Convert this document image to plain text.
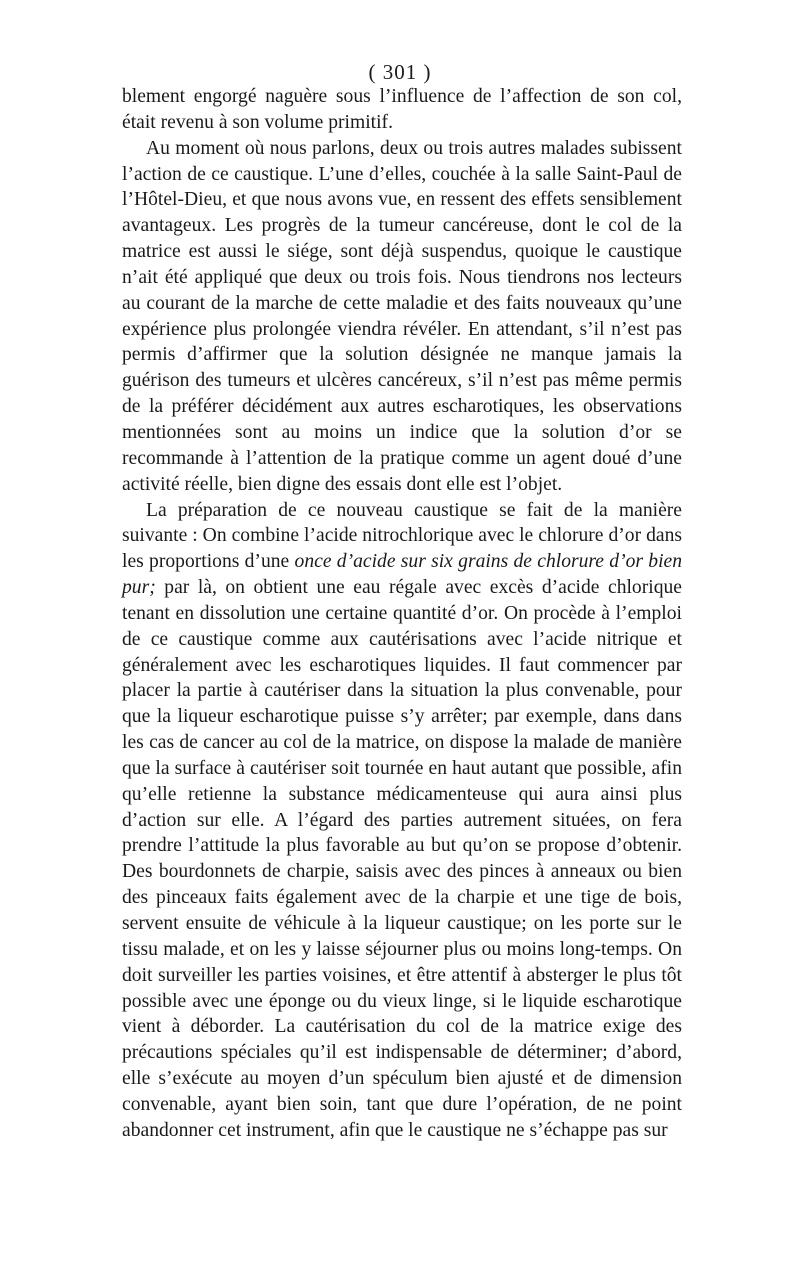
( 301 )

blement engorgé naguère sous l’influence de l’affection de son col, était revenu à son volume primitif.

Au moment où nous parlons, deux ou trois autres malades subissent l’action de ce caustique. L’une d’elles, couchée à la salle Saint-Paul de l’Hôtel-Dieu, et que nous avons vue, en ressent des effets sensiblement avantageux. Les progrès de la tumeur cancéreuse, dont le col de la matrice est aussi le siége, sont déjà suspendus, quoique le caustique n’ait été appliqué que deux ou trois fois. Nous tiendrons nos lecteurs au courant de la marche de cette maladie et des faits nouveaux qu’une expérience plus prolongée viendra révéler. En attendant, s’il n’est pas permis d’affirmer que la solution désignée ne manque jamais la guérison des tumeurs et ulcères cancéreux, s’il n’est pas même permis de la préférer décidément aux autres escharotiques, les observations mentionnées sont au moins un indice que la solution d’or se recommande à l’attention de la pratique comme un agent doué d’une activité réelle, bien digne des essais dont elle est l’objet.

La préparation de ce nouveau caustique se fait de la manière suivante : On combine l’acide nitrochlorique avec le chlorure d’or dans les proportions d’une once d’acide sur six grains de chlorure d’or bien pur; par là, on obtient une eau régale avec excès d’acide chlorique tenant en dissolution une certaine quantité d’or. On procède à l’emploi de ce caustique comme aux cautérisations avec l’acide nitrique et généralement avec les escharotiques liquides. Il faut commencer par placer la partie à cautériser dans la situation la plus convenable, pour que la liqueur escharotique puisse s’y arrêter; par exemple, dans dans les cas de cancer au col de la matrice, on dispose la malade de manière que la surface à cautériser soit tournée en haut autant que possible, afin qu’elle retienne la substance médicamenteuse qui aura ainsi plus d’action sur elle. A l’égard des parties autrement situées, on fera prendre l’attitude la plus favorable au but qu’on se propose d’obtenir. Des bourdonnets de charpie, saisis avec des pinces à anneaux ou bien des pinceaux faits également avec de la charpie et une tige de bois, servent ensuite de véhicule à la liqueur caustique; on les porte sur le tissu malade, et on les y laisse séjourner plus ou moins long-temps. On doit surveiller les parties voisines, et être attentif à absterger le plus tôt possible avec une éponge ou du vieux linge, si le liquide escharotique vient à déborder. La cautérisation du col de la matrice exige des précautions spéciales qu’il est indispensable de déterminer; d’abord, elle s’exécute au moyen d’un spéculum bien ajusté et de dimension convenable, ayant bien soin, tant que dure l’opération, de ne point abandonner cet instrument, afin que le caustique ne s’échappe pas sur
